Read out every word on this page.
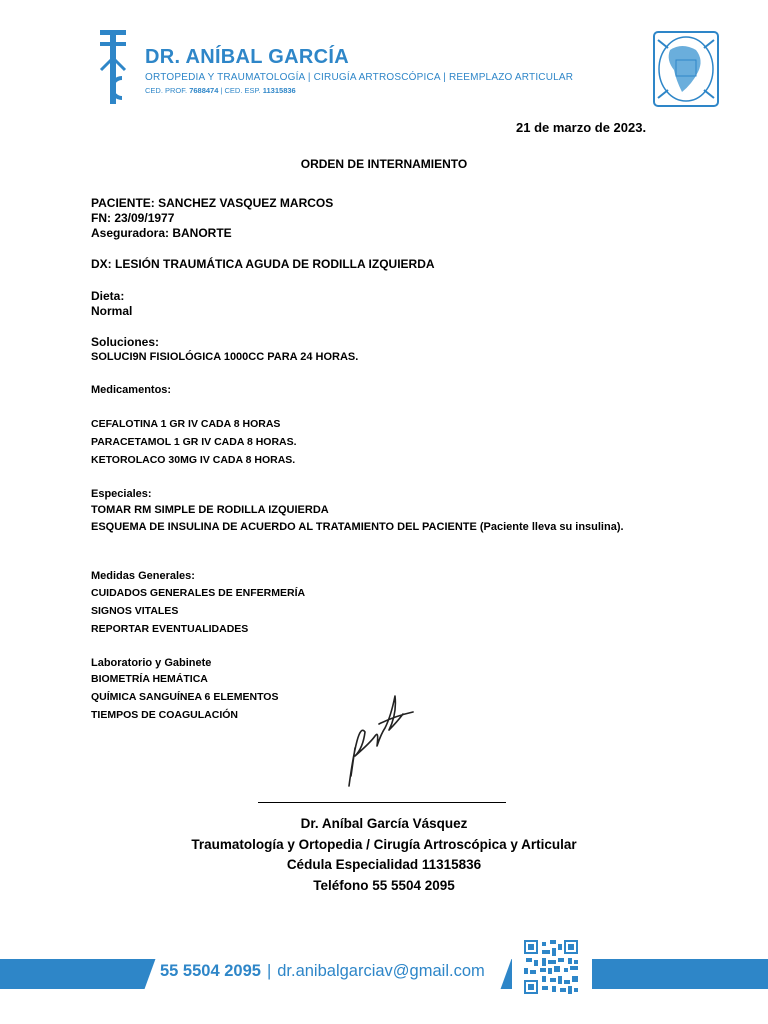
DR. ANÍBAL GARCÍA
ORTOPEDIA Y TRAUMATOLOGÍA | CIRUGÍA ARTROSCÓPICA | REEMPLAZO ARTICULAR
CED. PROF. 7688474 | CED. ESP. 11315836
21 de marzo de 2023.
ORDEN DE INTERNAMIENTO
PACIENTE: SANCHEZ VASQUEZ MARCOS
FN: 23/09/1977
Aseguradora: BANORTE
DX: LESIÓN TRAUMÁTICA AGUDA DE RODILLA IZQUIERDA
Dieta:
Normal
Soluciones:
SOLUCI9N FISIOLÓGICA 1000CC PARA 24 HORAS.
Medicamentos:
CEFALOTINA 1 GR IV CADA 8 HORAS
PARACETAMOL 1 GR IV CADA 8 HORAS.
KETOROLACO 30MG IV CADA 8 HORAS.
Especiales:
TOMAR RM SIMPLE DE RODILLA IZQUIERDA
ESQUEMA DE INSULINA DE ACUERDO AL TRATAMIENTO DEL PACIENTE (Paciente lleva su insulina).
Medidas Generales:
CUIDADOS GENERALES DE ENFERMERÍA
SIGNOS VITALES
REPORTAR EVENTUALIDADES
Laboratorio y Gabinete
BIOMETRÍA HEMÁTICA
QUÍMICA SANGUÍNEA 6 ELEMENTOS
TIEMPOS DE COAGULACIÓN
Dr. Aníbal García Vásquez
Traumatología y Ortopedia / Cirugía Artroscópica y Articular
Cédula Especialidad 11315836
Teléfono 55 5504 2095
55 5504 2095 | dr.anibalgarciav@gmail.com
